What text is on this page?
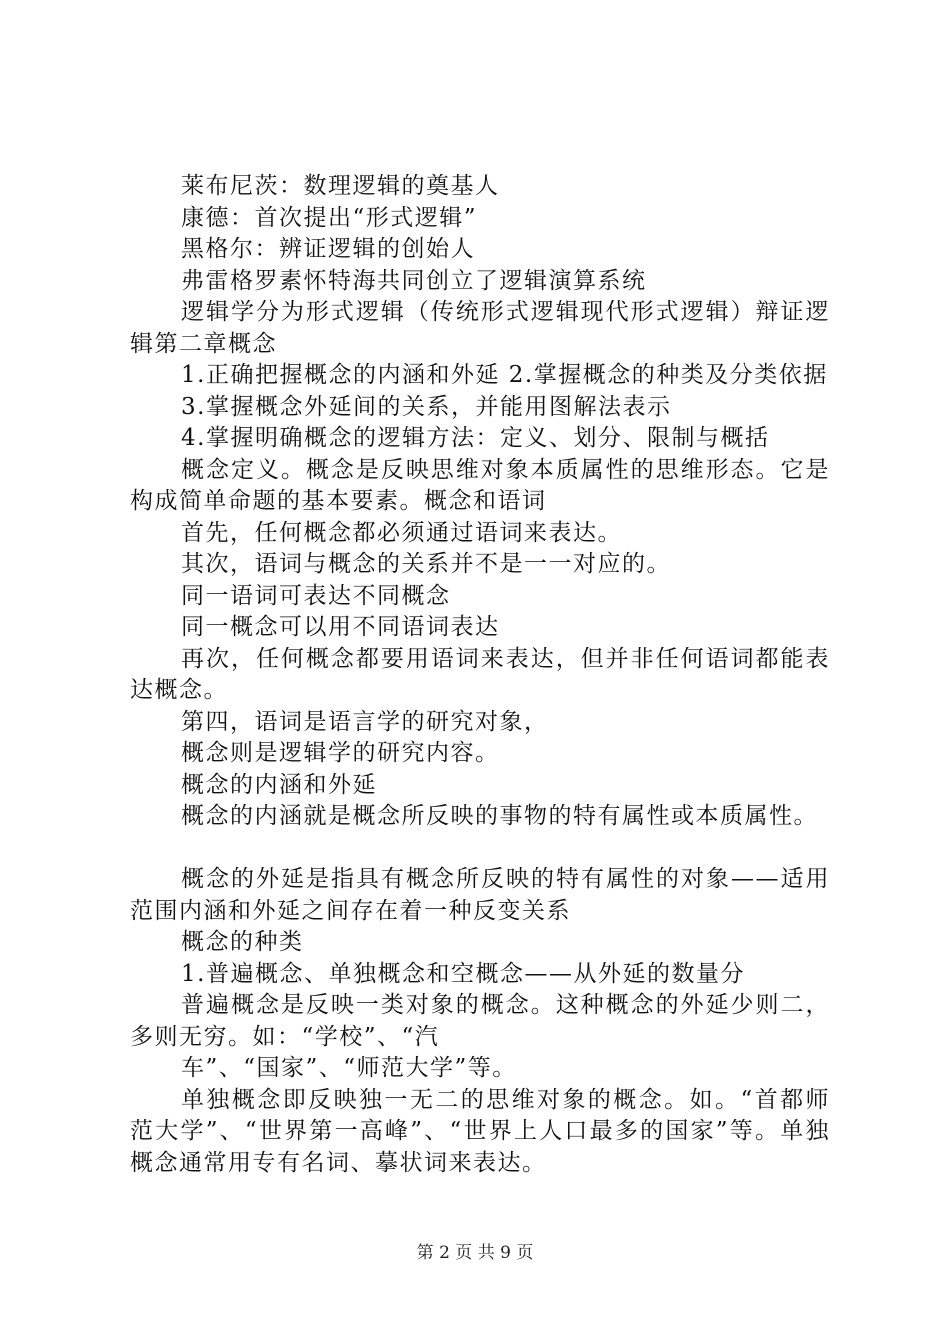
莱布尼茨：数理逻辑的奠基人

康德：首次提出“形式逻辑”

黑格尔：辨证逻辑的创始人

弗雷格罗素怀特海共同创立了逻辑演算系统

逻辑学分为形式逻辑（传统形式逻辑现代形式逻辑）辩证逻辑第二章概念

1.正确把握概念的内涵和外延 2.掌握概念的种类及分类依据

3.掌握概念外延间的关系，并能用图解法表示

4.掌握明确概念的逻辑方法：定义、划分、限制与概括

概念定义。概念是反映思维对象本质属性的思维形态。它是构成简单命题的基本要素。概念和语词

首先，任何概念都必须通过语词来表达。

其次，语词与概念的关系并不是一一对应的。

同一语词可表达不同概念

同一概念可以用不同语词表达

再次，任何概念都要用语词来表达，但并非任何语词都能表达概念。

第四，语词是语言学的研究对象，

概念则是逻辑学的研究内容。

概念的内涵和外延

概念的内涵就是概念所反映的事物的特有属性或本质属性。

概念的外延是指具有概念所反映的特有属性的对象——适用范围内涵和外延之间存在着一种反变关系

概念的种类

1.普遍概念、单独概念和空概念——从外延的数量分

普遍概念是反映一类对象的概念。这种概念的外延少则二，多则无穷。如：“学校”、“汽

车”、“国家”、“师范大学”等。

单独概念即反映独一无二的思维对象的概念。如。“首都师范大学”、“世界第一高峰”、“世界上人口最多的国家”等。单独概念通常用专有名词、摹状词来表达。

第 2 页 共 9 页
